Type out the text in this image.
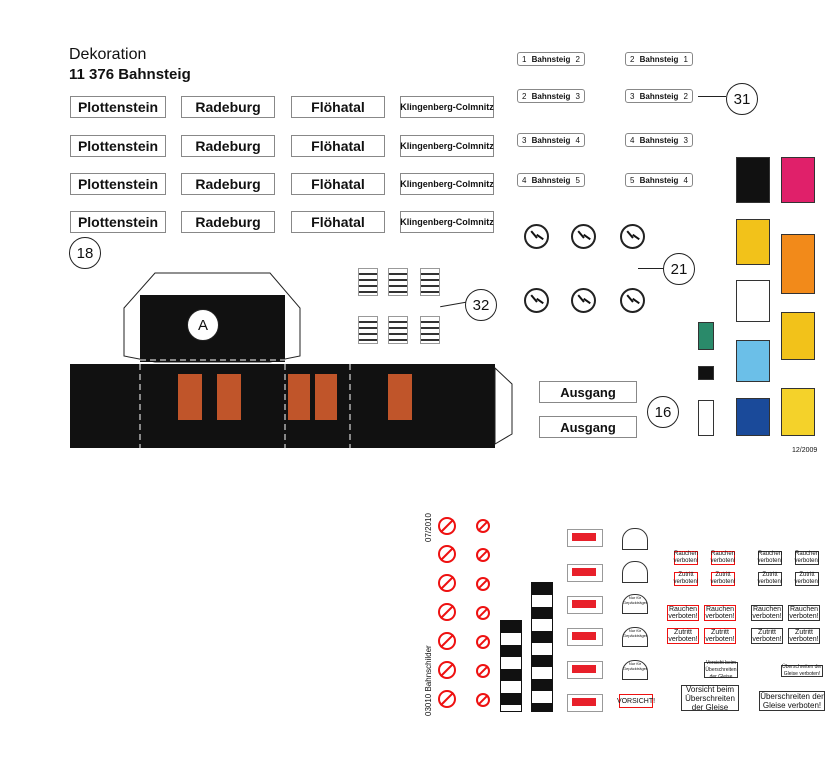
Dekoration
11 376 Bahnsteig
Plottenstein	Radeburg	Flöhatal	Klingenberg-Colmnitz
Plottenstein	Radeburg	Flöhatal	Klingenberg-Colmnitz
Plottenstein	Radeburg	Flöhatal	Klingenberg-Colmnitz
Plottenstein	Radeburg	Flöhatal	Klingenberg-Colmnitz
18
1 Bahnsteig 2	2 Bahnsteig 1
2 Bahnsteig 3	3 Bahnsteig 2
3 Bahnsteig 4	4 Bahnsteig 3
4 Bahnsteig 5	5 Bahnsteig 4
31
21
32
A
Ausgang
Ausgang
16
12/2009
07/2010
03010 Bahnschilder
Nur für Gepäckträger
Nur für Gepäckträger
Nur für Gepäckträger
VORSICHT!
Rauchen verboten!
Rauchen verboten!
Rauchen verboten!
Rauchen verboten!
Zutritt verboten!
Zutritt verboten!
Zutritt verboten!
Zutritt verboten!
Rauchen verboten!
Rauchen verboten!
Rauchen verboten!
Rauchen verboten!
Zutritt verboten!
Zutritt verboten!
Zutritt verboten!
Zutritt verboten!
Vorsicht beim Überschreiten der Gleise
Überschreiten der Gleise verboten!
Vorsicht beim Überschreiten der Gleise
Überschreiten der Gleise verboten!
